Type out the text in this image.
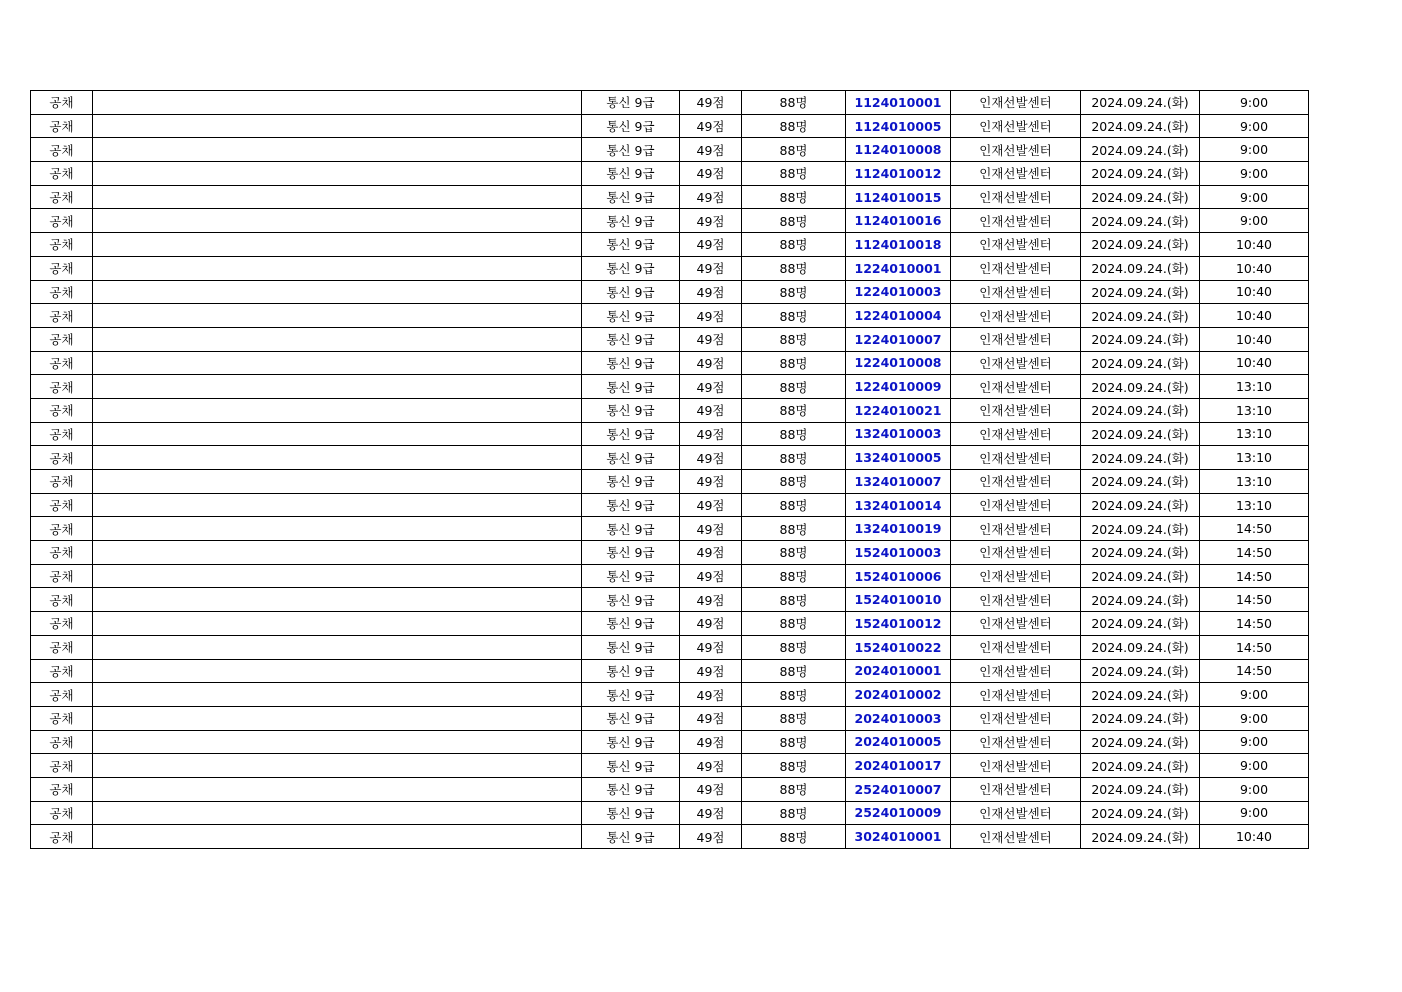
공채		통신 9급	49점	88명	1124010001	인재선발센터	2024.09.24.(화)	9:00
공채		통신 9급	49점	88명	1124010005	인재선발센터	2024.09.24.(화)	9:00
공채		통신 9급	49점	88명	1124010008	인재선발센터	2024.09.24.(화)	9:00
공채		통신 9급	49점	88명	1124010012	인재선발센터	2024.09.24.(화)	9:00
공채		통신 9급	49점	88명	1124010015	인재선발센터	2024.09.24.(화)	9:00
공채		통신 9급	49점	88명	1124010016	인재선발센터	2024.09.24.(화)	9:00
공채		통신 9급	49점	88명	1124010018	인재선발센터	2024.09.24.(화)	10:40
공채		통신 9급	49점	88명	1224010001	인재선발센터	2024.09.24.(화)	10:40
공채		통신 9급	49점	88명	1224010003	인재선발센터	2024.09.24.(화)	10:40
공채		통신 9급	49점	88명	1224010004	인재선발센터	2024.09.24.(화)	10:40
공채		통신 9급	49점	88명	1224010007	인재선발센터	2024.09.24.(화)	10:40
공채		통신 9급	49점	88명	1224010008	인재선발센터	2024.09.24.(화)	10:40
공채		통신 9급	49점	88명	1224010009	인재선발센터	2024.09.24.(화)	13:10
공채		통신 9급	49점	88명	1224010021	인재선발센터	2024.09.24.(화)	13:10
공채		통신 9급	49점	88명	1324010003	인재선발센터	2024.09.24.(화)	13:10
공채		통신 9급	49점	88명	1324010005	인재선발센터	2024.09.24.(화)	13:10
공채		통신 9급	49점	88명	1324010007	인재선발센터	2024.09.24.(화)	13:10
공채		통신 9급	49점	88명	1324010014	인재선발센터	2024.09.24.(화)	13:10
공채		통신 9급	49점	88명	1324010019	인재선발센터	2024.09.24.(화)	14:50
공채		통신 9급	49점	88명	1524010003	인재선발센터	2024.09.24.(화)	14:50
공채		통신 9급	49점	88명	1524010006	인재선발센터	2024.09.24.(화)	14:50
공채		통신 9급	49점	88명	1524010010	인재선발센터	2024.09.24.(화)	14:50
공채		통신 9급	49점	88명	1524010012	인재선발센터	2024.09.24.(화)	14:50
공채		통신 9급	49점	88명	1524010022	인재선발센터	2024.09.24.(화)	14:50
공채		통신 9급	49점	88명	2024010001	인재선발센터	2024.09.24.(화)	14:50
공채		통신 9급	49점	88명	2024010002	인재선발센터	2024.09.24.(화)	9:00
공채		통신 9급	49점	88명	2024010003	인재선발센터	2024.09.24.(화)	9:00
공채		통신 9급	49점	88명	2024010005	인재선발센터	2024.09.24.(화)	9:00
공채		통신 9급	49점	88명	2024010017	인재선발센터	2024.09.24.(화)	9:00
공채		통신 9급	49점	88명	2524010007	인재선발센터	2024.09.24.(화)	9:00
공채		통신 9급	49점	88명	2524010009	인재선발센터	2024.09.24.(화)	9:00
공채		통신 9급	49점	88명	3024010001	인재선발센터	2024.09.24.(화)	10:40
